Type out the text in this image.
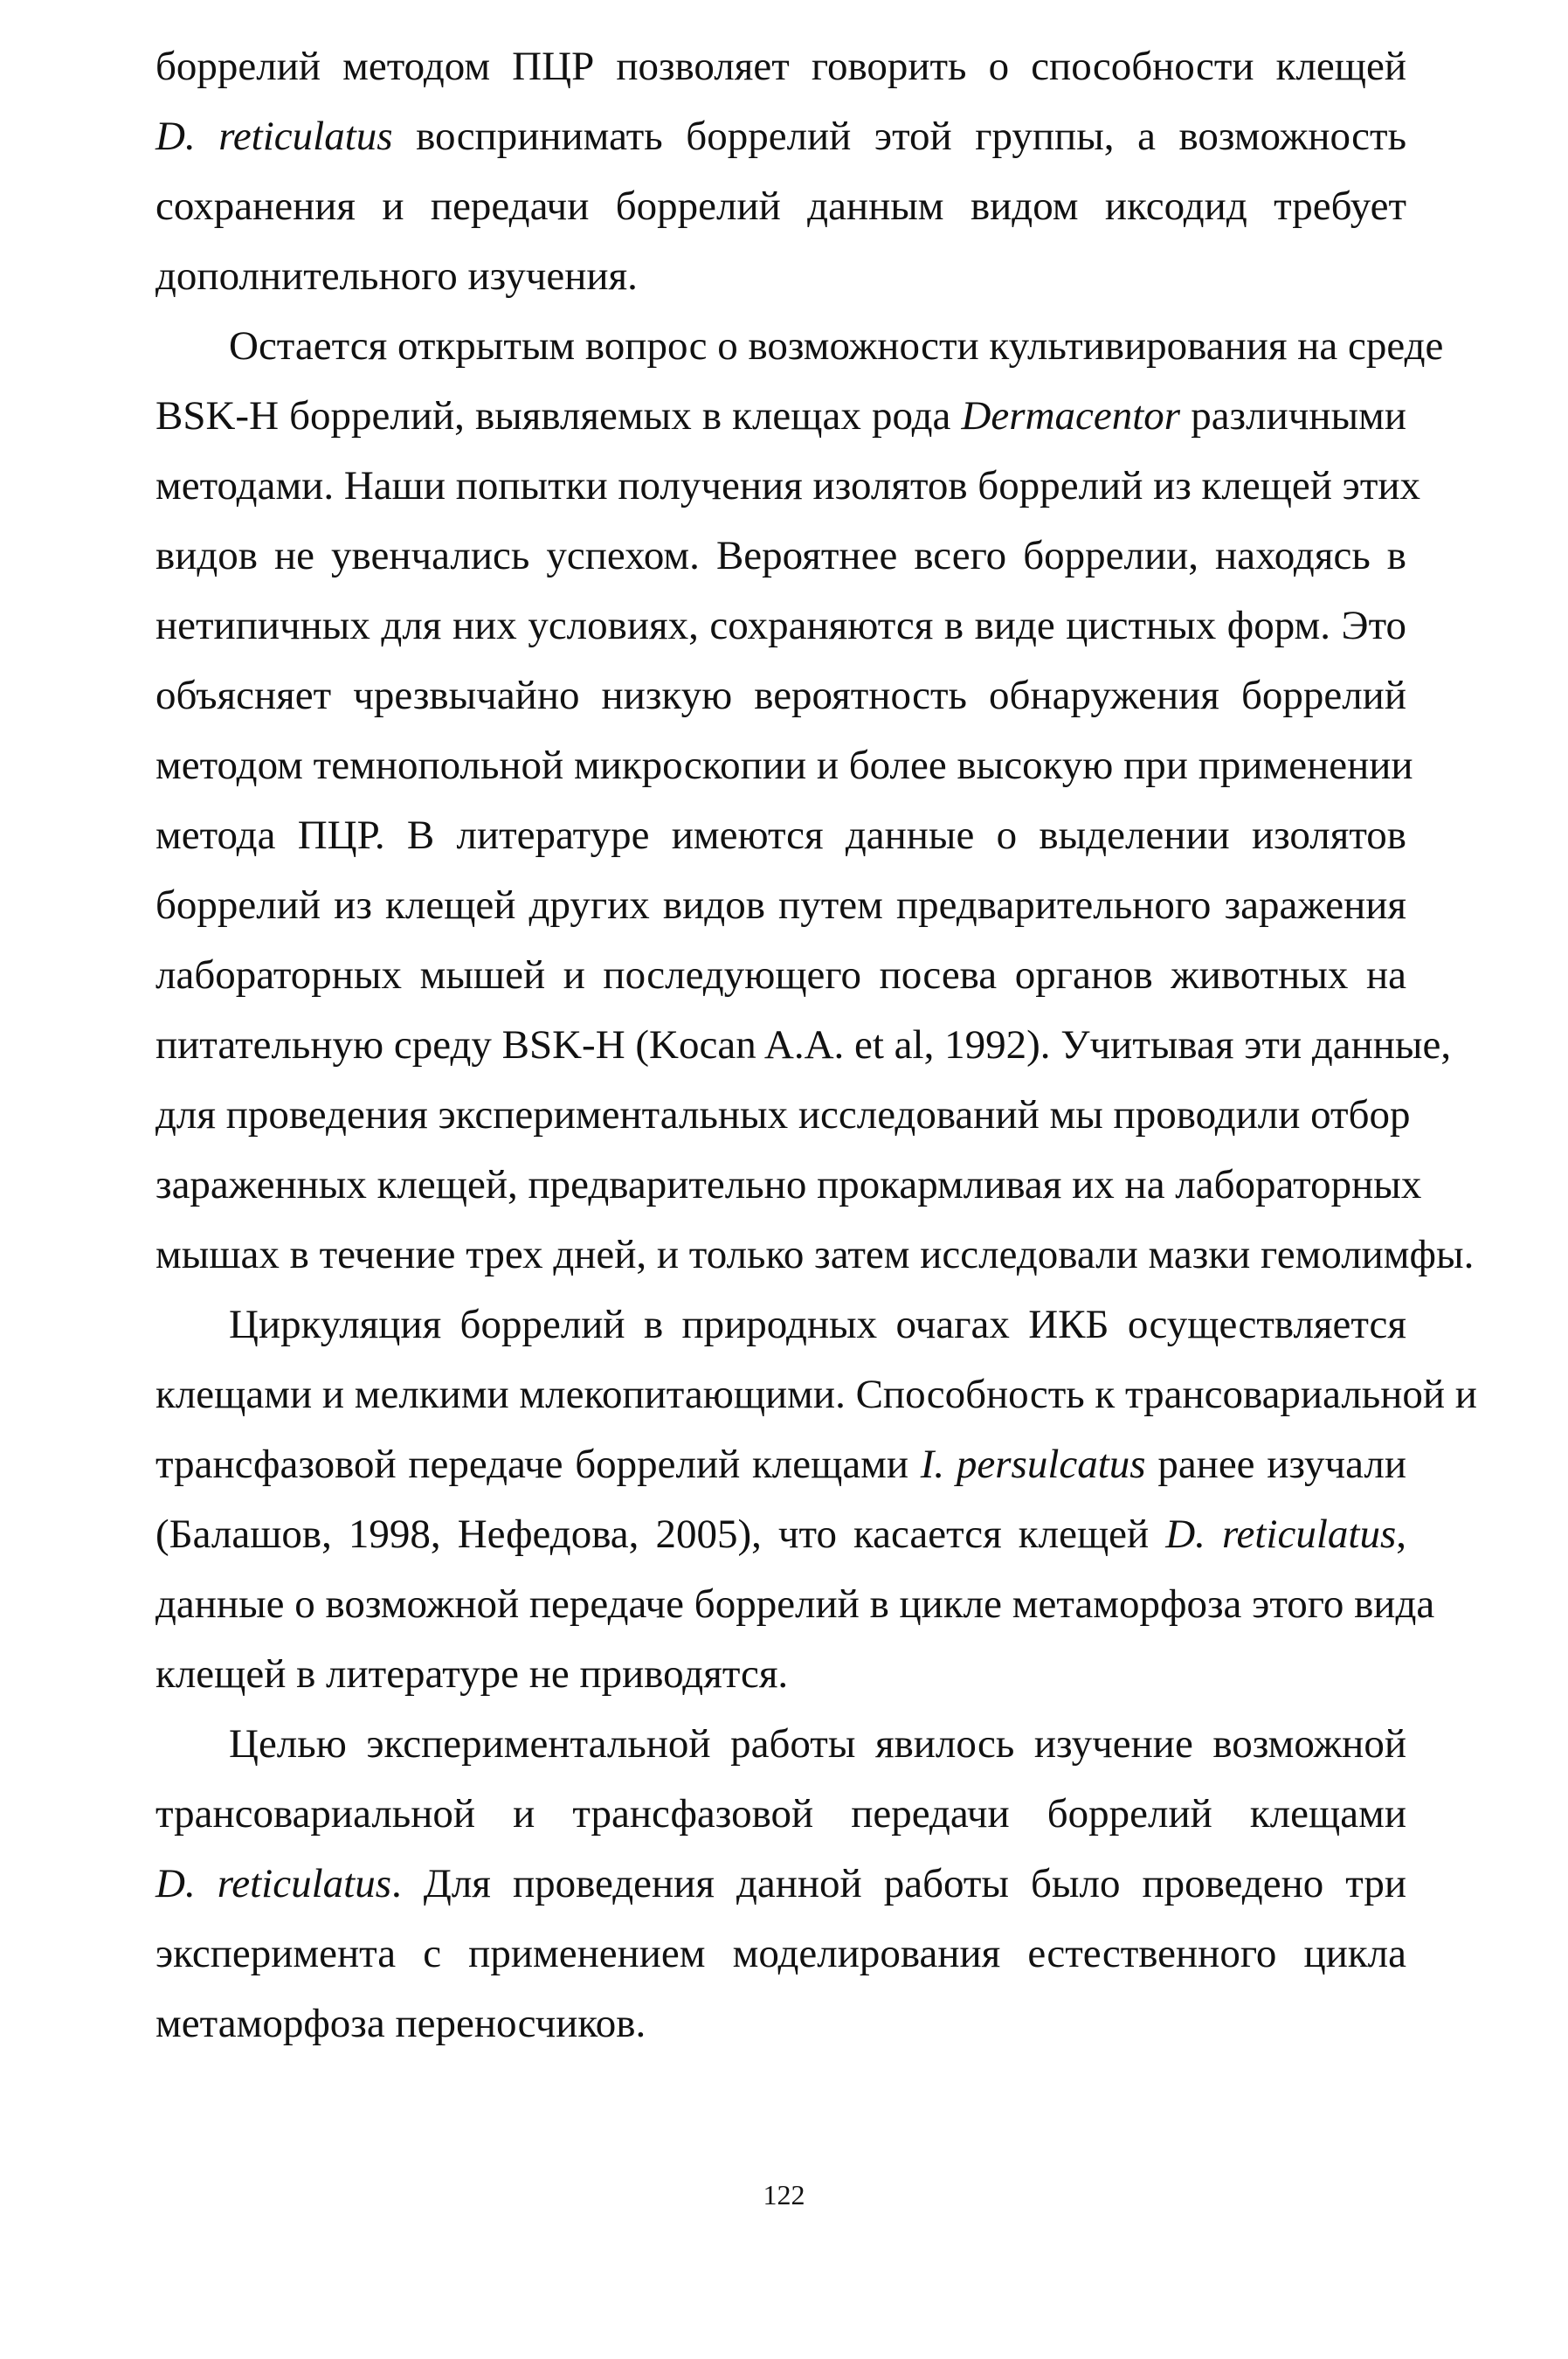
боррелий методом ПЦР позволяет говорить о способности клещей
D. reticulatus воспринимать боррелий этой группы, а возможность
сохранения и передачи боррелий данным видом иксодид требует
дополнительного изучения.

Остается открытым вопрос о возможности культивирования на среде
BSK-H боррелий, выявляемых в клещах рода Dermacentor различными
методами. Наши попытки получения изолятов боррелий из клещей этих
видов не увенчались успехом. Вероятнее всего боррелии, находясь в
нетипичных для них условиях, сохраняются в виде цистных форм. Это
объясняет чрезвычайно низкую вероятность обнаружения боррелий
методом темнопольной микроскопии и более высокую при применении
метода ПЦР. В литературе имеются данные о выделении изолятов
боррелий из клещей других видов путем предварительного заражения
лабораторных мышей и последующего посева органов животных на
питательную среду BSK-H (Kocan A.A. et al, 1992). Учитывая эти данные,
для проведения экспериментальных исследований мы проводили отбор
зараженных клещей, предварительно прокармливая их на лабораторных
мышах в течение трех дней, и только затем исследовали мазки гемолимфы.

Циркуляция боррелий в природных очагах ИКБ осуществляется
клещами и мелкими млекопитающими. Способность к трансовариальной и
трансфазовой передаче боррелий клещами I. persulcatus ранее изучали
(Балашов, 1998, Нефедова, 2005), что касается клещей D. reticulatus,
данные о возможной передаче боррелий в цикле метаморфоза этого вида
клещей в литературе не приводятся.

Целью экспериментальной работы явилось изучение возможной
трансовариальной и трансфазовой передачи боррелий клещами
D. reticulatus. Для проведения данной работы было проведено три
эксперимента с применением моделирования естественного цикла
метаморфоза переносчиков.

122
